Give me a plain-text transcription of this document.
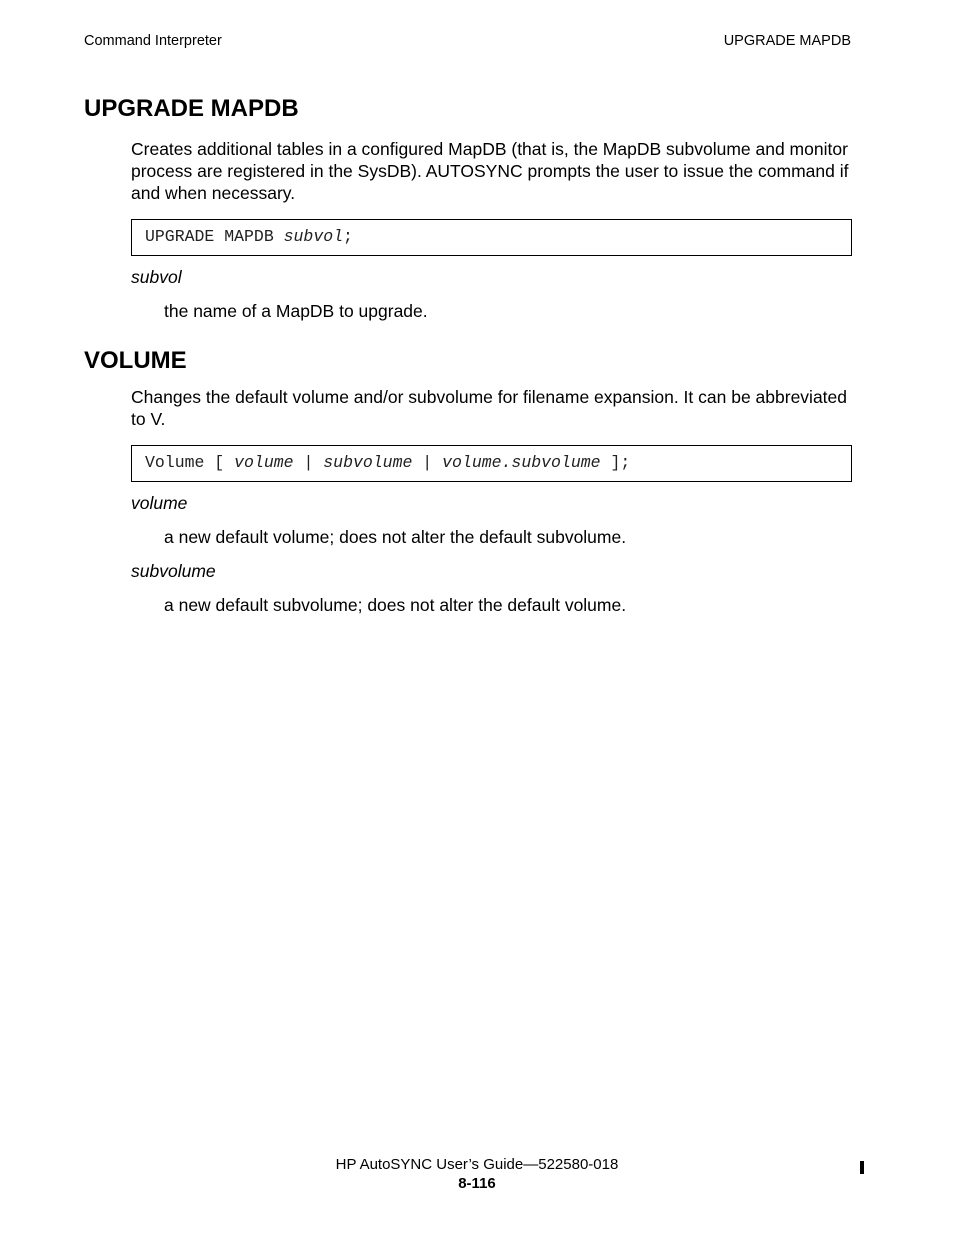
Command Interpreter	UPGRADE MAPDB
UPGRADE MAPDB

Creates additional tables in a configured MapDB (that is, the MapDB subvolume and monitor process are registered in the SysDB). AUTOSYNC prompts the user to issue the command if and when necessary.

UPGRADE MAPDB subvol;
subvol
the name of a MapDB to upgrade.
VOLUME

Changes the default volume and/or subvolume for filename expansion. It can be abbreviated to V.

Volume [ volume | subvolume | volume.subvolume ];
volume
a new default volume; does not alter the default subvolume.
subvolume
a new default subvolume; does not alter the default volume.
HP AutoSYNC User’s Guide—522580-018
8-116
